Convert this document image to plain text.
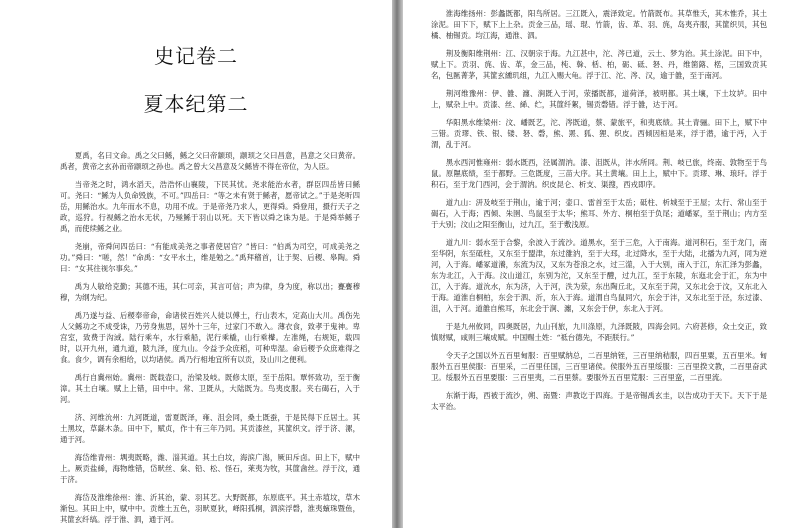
史记卷二
夏本纪第二

夏禹，名曰文命。禹之父曰鲧，鲧之父曰帝颛顼，颛顼之父曰昌意，昌意之父曰黄帝。禹者，黄帝之玄孙而帝颛顼之孙也。禹之曾大父昌意及父鲧皆不得在帝位，为人臣。

当帝尧之时，鸿水滔天，浩浩怀山襄陵，下民其忧。尧求能治水者，群臣四岳皆曰鲧可。尧曰：“鲧为人负命毁族，不可。”四岳曰：“等之未有贤于鲧者，愿帝试之。”于是尧听四岳，用鲧治水。九年而水不息，功用不成。于是帝尧乃求人，更得舜。舜登用，摄行天子之政，巡狩。行视鲧之治水无状，乃殛鲧于羽山以死。天下皆以舜之诛为是。于是舜举鲧子禹，而使续鲧之业。

尧崩，帝舜问四岳曰：“有能成美尧之事者使居官？”皆曰：“伯禹为司空，可成美尧之功。”舜曰：“嗟，然！”命禹：“女平水土，维是勉之。”禹拜稽首，让于契、后稷、皋陶。舜曰：“女其往视尔事矣。”

禹为人敏给克勤；其德不违，其仁可亲，其言可信；声为律，身为度，称以出；亹亹穆穆，为纲为纪。

禹乃遂与益、后稷奉帝命，命诸侯百姓兴人徒以傅土，行山表木，定高山大川。禹伤先人父鲧功之不成受诛，乃劳身焦思，居外十三年，过家门不敢入。薄衣食，致孝于鬼神。卑宫室，致费于沟淢。陆行乘车，水行乘船，泥行乘橇，山行乘檋。左准绳，右规矩，载四时，以开九州，通九道，陂九泽，度九山。令益予众庶稻，可种卑湿。命后稷予众庶难得之食。食少，调有余相给，以均诸侯。禹乃行相地宜所有以贡，及山川之便利。

禹行自冀州始。冀州：既载壶口，治梁及岐。既修太原，至于岳阳。覃怀致功，至于衡漳。其土白壤。赋上上错，田中中。常、卫既从，大陆既为。鸟夷皮服。夹右碣石，入于河。

济、河维沇州：九河既道，雷夏既泽，雍、沮会同，桑土既蚕，于是民得下丘居土。其土黑坟，草繇木条。田中下，赋贞，作十有三年乃同。其贡漆丝，其篚织文。浮于济、漯，通于河。

海岱维青州：堣夷既略，潍、淄其道。其土白坟，海滨广潟，厥田斥卤。田上下，赋中上。厥贡盐絺，海物维错，岱畎丝、枲、铅、松、怪石，莱夷为牧，其篚酓丝。浮于汶，通于济。

海岱及淮维徐州：淮、沂其治，蒙、羽其艺。大野既都，东原底平。其土赤埴坟，草木渐包。其田上中，赋中中。贡维土五色，羽畎夏狄，峄阳孤桐，泗滨浮磬，淮夷蠙珠暨鱼，其篚玄纤缟。浮于淮、泗，通于河。

淮海维扬州：彭蠡既都，阳鸟所居。三江既入，震泽致定。竹箭既布。其草惟夭，其木惟乔，其土涂泥。田下下，赋下上上杂。贡金三品，瑶、琨、竹箭，齿、革、羽、旄，岛夷卉服，其篚织贝，其包橘、柚锡贡。均江海，通淮、泗。

荆及衡阳维荆州：江、汉朝宗于海。九江甚中，沱、涔已道，云土、梦为治。其土涂泥。田下中，赋上下。贡羽、旄、齿、革，金三品，杶、榦、栝、柏，砺、砥、砮、丹，维箘簬、楛，三国致贡其名，包匦菁茅，其篚玄纁玑组，九江入赐大龟。浮于江、沱、涔、汉，逾于雒，至于南河。

荆河维豫州：伊、雒、瀍、涧既入于河，荥播既都，道荷泽，被明都。其土壤，下土坟垆。田中上，赋杂上中。贡漆、丝、絺、纻，其篚纤絮，锡贡磬错。浮于雒，达于河。

华阳黑水维梁州：汶、嶓既艺，沱、涔既道，蔡、蒙旅平，和夷底绩。其土青骊。田下上，赋下中三错。贡璆、铁、银、镂、砮、磬，熊、罴、狐、狸、织皮。西倾因桓是来，浮于潜，逾于沔，入于渭，乱于河。

黑水西河惟雍州：弱水既西，泾属渭汭。漆、沮既从，沣水所同。荆、岐已旅，终南、敦物至于鸟鼠。原隰底绩，至于都野。三危既度，三苗大序。其土黄壤。田上上，赋中下。贡璆、琳、琅玕。浮于积石，至于龙门西河，会于渭汭。织皮昆仑、析支、渠搜，西戎即序。

道九山：汧及岐至于荆山，逾于河；壶口、雷首至于太岳；砥柱、析城至于王屋；太行、常山至于碣石，入于海；西倾、朱圉、鸟鼠至于太华；熊耳、外方、桐柏至于负尾；道嶓冢，至于荆山；内方至于大别；汶山之阳至衡山，过九江，至于敷浅原。

道九川：弱水至于合黎，余波入于流沙。道黑水，至于三危，入于南海。道河积石，至于龙门，南至华阴，东至砥柱，又东至于盟津，东过雒汭，至于大邳，北过降水，至于大陆，北播为九河，同为逆河，入于海。嶓冢道瀁，东流为汉，又东为苍浪之水，过三澨，入于大别，南入于江，东汇泽为彭蠡，东为北江，入于海。汶山道江，东别为沱，又东至于醴，过九江，至于东陵，东迤北会于汇，东为中江，入于海。道沇水，东为济，入于河，泆为荥，东出陶丘北，又东至于菏，又东北会于汶，又东北入于海。道淮自桐柏，东会于泗、沂，东入于海。道渭自鸟鼠同穴，东会于沣，又东北至于泾，东过漆、沮，入于河。道雒自熊耳，东北会于涧、瀍，又东会于伊，东北入于河。

于是九州攸同，四奥既居，九山刊旅，九川涤原，九泽既陂，四海会同。六府甚修，众土交正，致慎财赋，咸则三壤成赋。中国赐土姓：“祗台德先，不距朕行。”

令天子之国以外五百里甸服：百里赋纳总，二百里纳铚，三百里纳秸服，四百里粟，五百里米。甸服外五百里侯服：百里采，二百里任国，三百里诸侯。侯服外五百里绥服：三百里揆文教，二百里奋武卫。绥服外五百里要服：三百里夷，二百里蔡。要服外五百里荒服：三百里蛮，二百里流。

东渐于海，西被于流沙，朔、南暨：声教讫于四海。于是帝锡禹玄圭，以告成功于天下。天下于是太平治。
